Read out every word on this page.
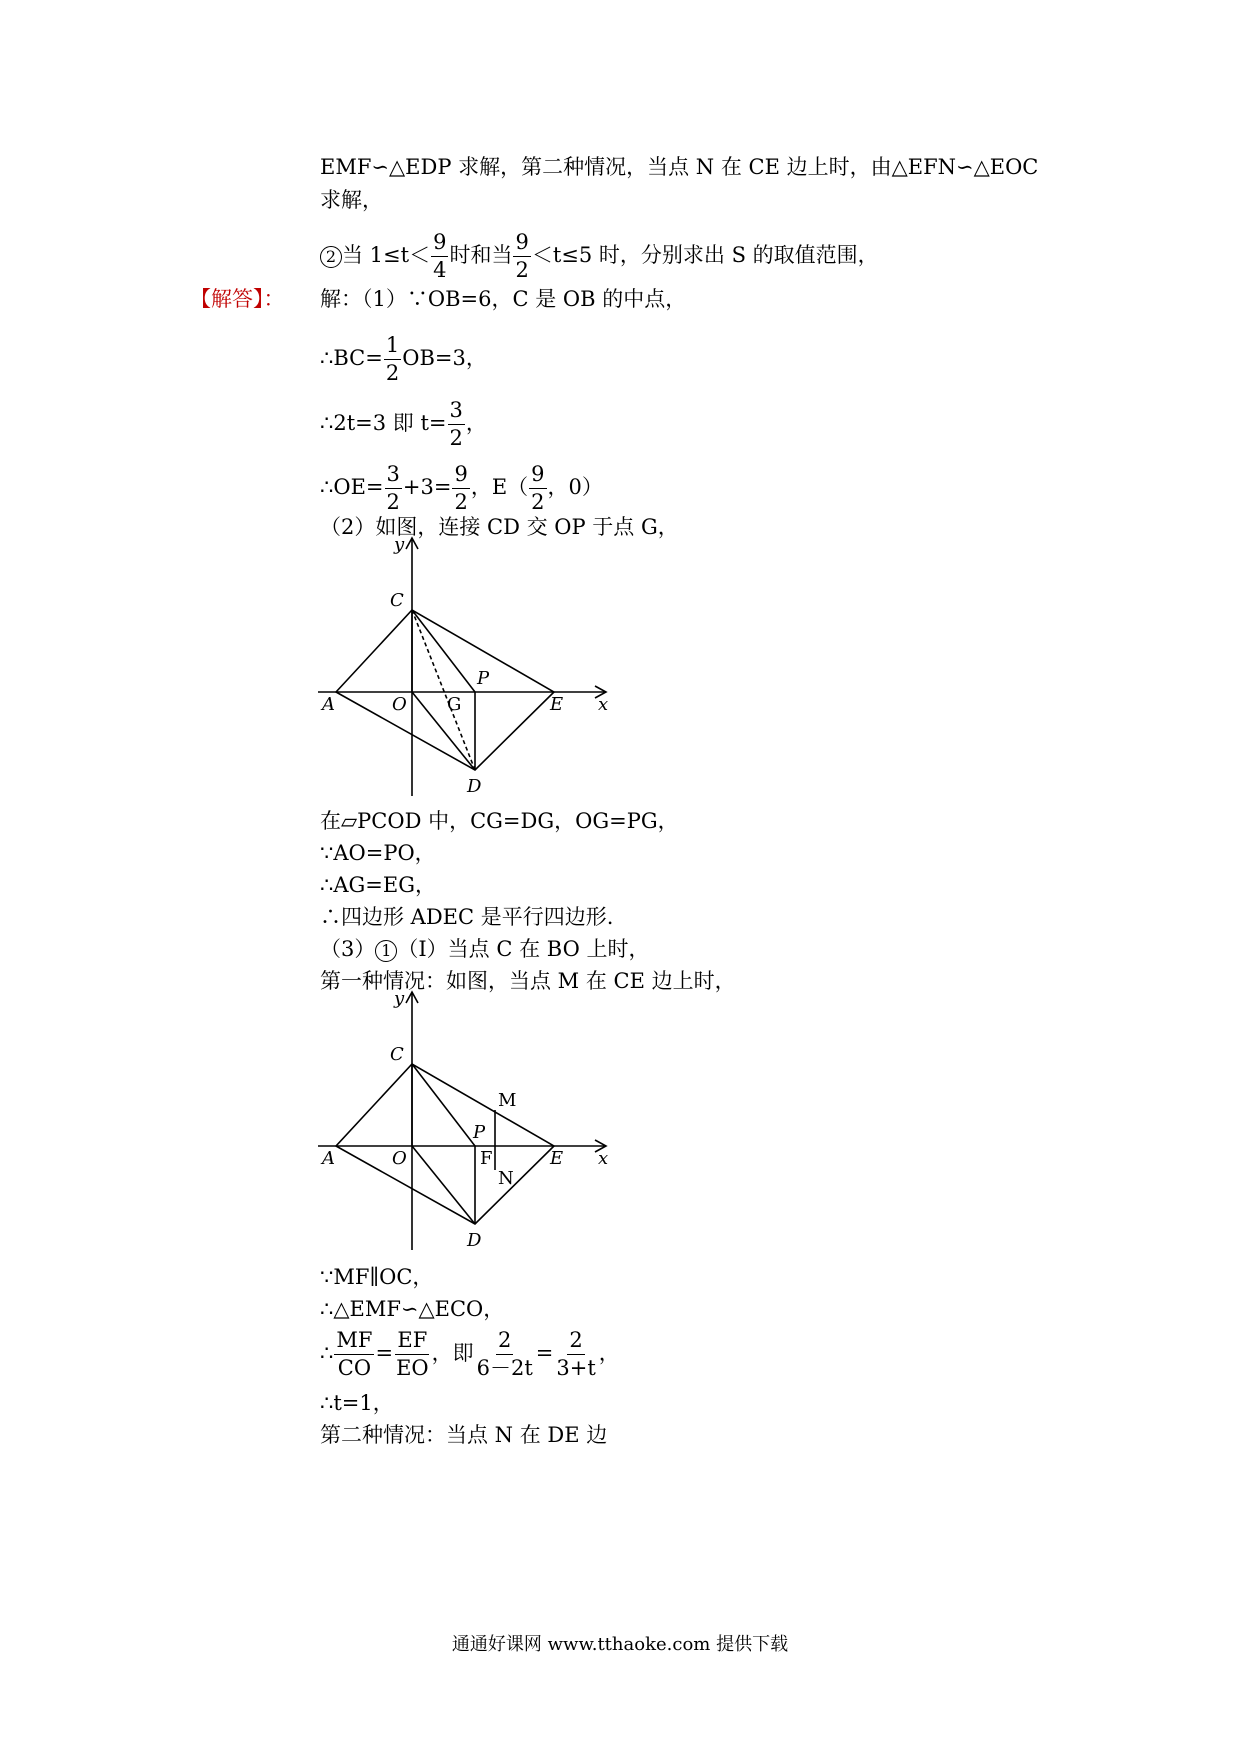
EMF∽△EDP 求解，第二种情况，当点 N 在 CE 边上时，由△EFN∽△EOC
求解，
2 当 $1\le t< \frac{9}{4}$ 时和当 $\frac{9}{2} <t\le 5$ 时，分别求出 S 的取值范围，
【解答】： 解：（1）∵OB=6，C 是 OB 的中点，
∴BC= $\frac{1}{2} OB=3$，
∴2t=3 即 $t= \frac{3}{2}$ ，
∴OE= $\frac{3}{2} +3= \frac{9}{2}$ ，$E( \frac{9}{2}$ ，0）
（2）如图，连接 CD 交 OP 于点 G，
y
C
P
A	O G	E x
D
在▱PCOD 中，CG=DG，OG=PG，
∵AO=PO，
∴AG=EG，
∴四边形 ADEC 是平行四边形.
（3） 1 （Ⅰ）当点 C 在 BO 上时，
第一种情况：如图，当点 M 在 CE 边上时，
y
C
M
P
F
A	O
N
E x
D
∵MF∥OC，
∴△EMF∽△ECO，
∴ $\frac{MF}{CO} = \frac{EF}{EO}$ ，即 $\frac{2}{6-2t} = \frac{2}{3+t}$ ，
∴t=1，
第二种情况：当点 N 在 DE 边
通通好课网 www.tthaoke.com 提供下载
